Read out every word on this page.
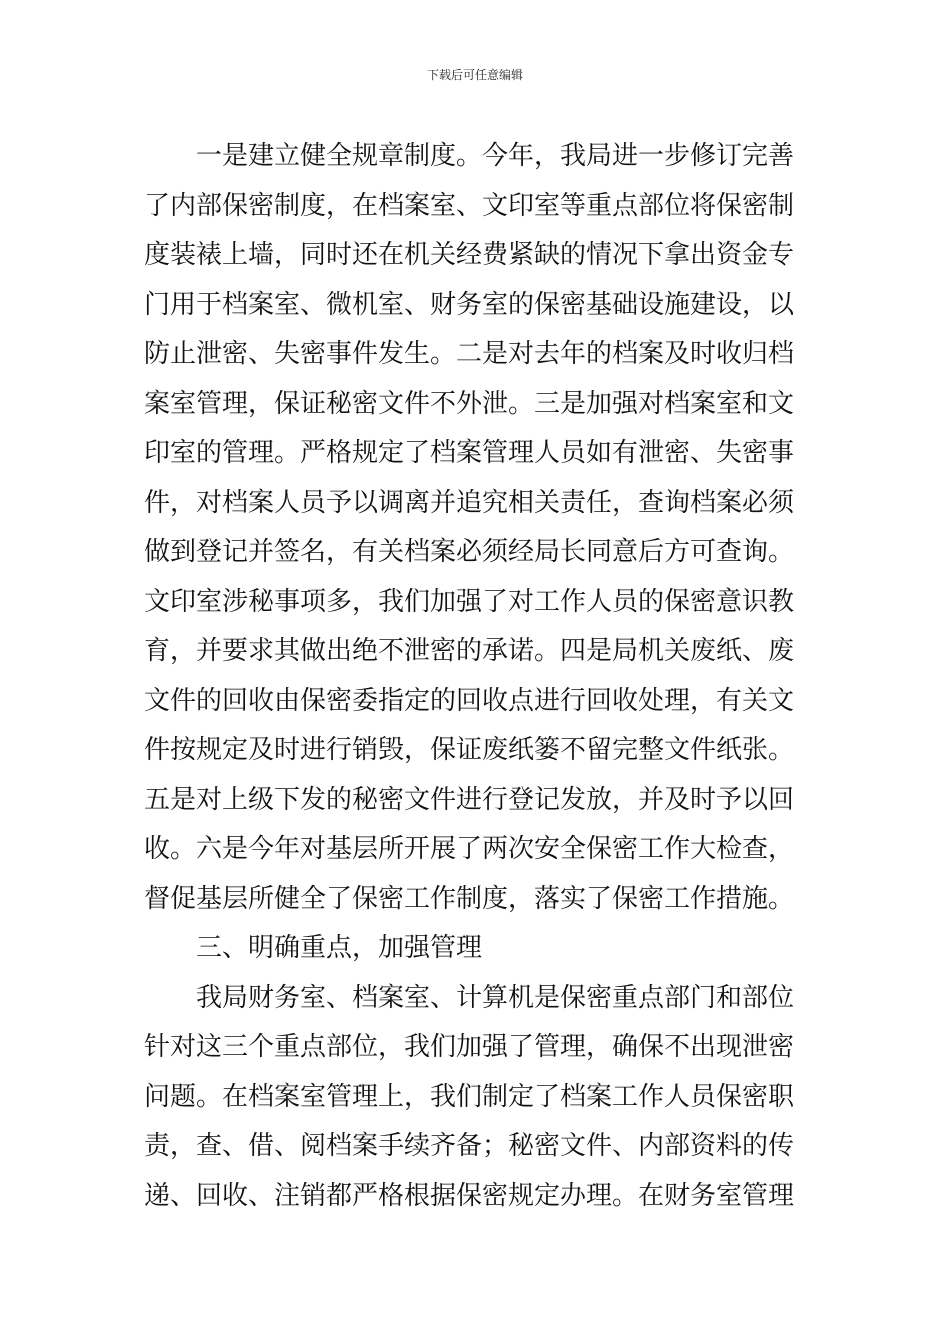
下载后可任意编辑
一是建立健全规章制度。今年，我局进一步修订完善
了内部保密制度，在档案室、文印室等重点部位将保密制
度装裱上墙，同时还在机关经费紧缺的情况下拿出资金专
门用于档案室、微机室、财务室的保密基础设施建设，以
防止泄密、失密事件发生。二是对去年的档案及时收归档
案室管理，保证秘密文件不外泄。三是加强对档案室和文
印室的管理。严格规定了档案管理人员如有泄密、失密事
件，对档案人员予以调离并追究相关责任，查询档案必须
做到登记并签名，有关档案必须经局长同意后方可查询。
文印室涉秘事项多，我们加强了对工作人员的保密意识教
育，并要求其做出绝不泄密的承诺。四是局机关废纸、废
文件的回收由保密委指定的回收点进行回收处理，有关文
件按规定及时进行销毁，保证废纸篓不留完整文件纸张。
五是对上级下发的秘密文件进行登记发放，并及时予以回
收。六是今年对基层所开展了两次安全保密工作大检查，
督促基层所健全了保密工作制度，落实了保密工作措施。
三、明确重点，加强管理
我局财务室、档案室、计算机是保密重点部门和部位
针对这三个重点部位，我们加强了管理，确保不出现泄密
问题。在档案室管理上，我们制定了档案工作人员保密职
责，查、借、阅档案手续齐备；秘密文件、内部资料的传
递、回收、注销都严格根据保密规定办理。在财务室管理
